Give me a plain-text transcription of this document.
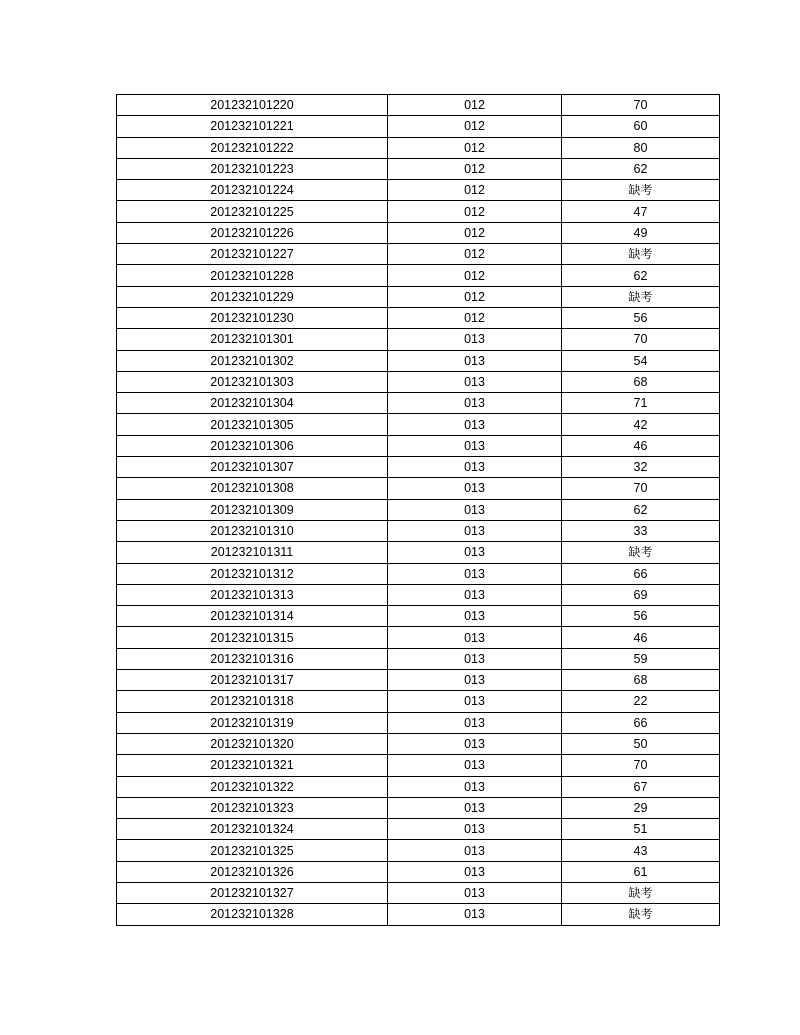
201232101220	012	70
201232101221	012	60
201232101222	012	80
201232101223	012	62
201232101224	012	缺考
201232101225	012	47
201232101226	012	49
201232101227	012	缺考
201232101228	012	62
201232101229	012	缺考
201232101230	012	56
201232101301	013	70
201232101302	013	54
201232101303	013	68
201232101304	013	71
201232101305	013	42
201232101306	013	46
201232101307	013	32
201232101308	013	70
201232101309	013	62
201232101310	013	33
201232101311	013	缺考
201232101312	013	66
201232101313	013	69
201232101314	013	56
201232101315	013	46
201232101316	013	59
201232101317	013	68
201232101318	013	22
201232101319	013	66
201232101320	013	50
201232101321	013	70
201232101322	013	67
201232101323	013	29
201232101324	013	51
201232101325	013	43
201232101326	013	61
201232101327	013	缺考
201232101328	013	缺考
